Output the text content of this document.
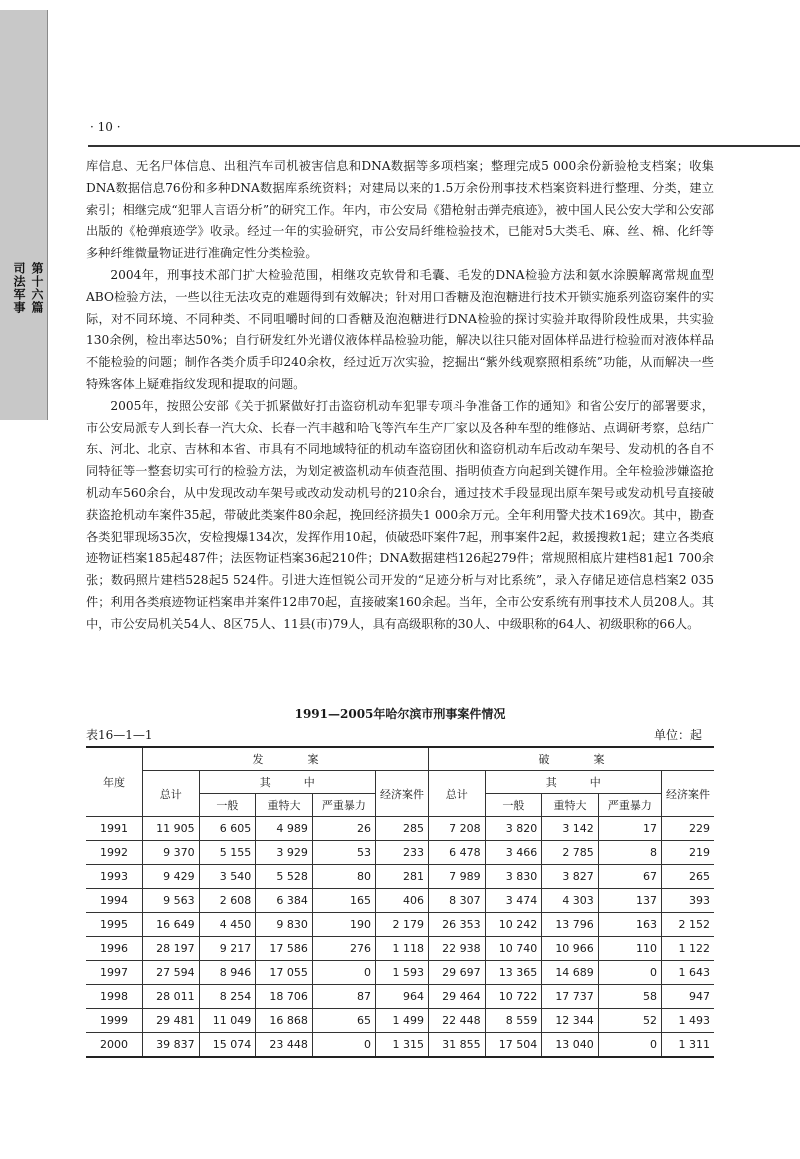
第十六篇
司法军事
· 10 ·

库信息、无名尸体信息、出租汽车司机被害信息和DNA数据等多项档案；整理完成5 000余份新验枪支档案；收集DNA数据信息76份和多种DNA数据库系统资料；对建局以来的1.5万余份刑事技术档案资料进行整理、分类，建立索引；相继完成“犯罪人言语分析”的研究工作。年内，市公安局《猎枪射击弹壳痕迹》，被中国人民公安大学和公安部出版的《枪弹痕迹学》收录。经过一年的实验研究，市公安局纤维检验技术，已能对5大类毛、麻、丝、棉、化纤等多种纤维微量物证进行准确定性分类检验。

2004年，刑事技术部门扩大检验范围，相继攻克软骨和毛囊、毛发的DNA检验方法和氨水涂膜解离常规血型ABO检验方法，一些以往无法攻克的难题得到有效解决；针对用口香糖及泡泡糖进行技术开锁实施系列盗窃案件的实际，对不同环境、不同种类、不同咀嚼时间的口香糖及泡泡糖进行DNA检验的探讨实验并取得阶段性成果，共实验130余例，检出率达50%；自行研发红外光谱仪液体样品检验功能，解决以往只能对固体样品进行检验而对液体样品不能检验的问题；制作各类介质手印240余枚，经过近万次实验，挖掘出“紫外线观察照相系统”功能，从而解决一些特殊客体上疑难指纹发现和提取的问题。

2005年，按照公安部《关于抓紧做好打击盗窃机动车犯罪专项斗争准备工作的通知》和省公安厅的部署要求，市公安局派专人到长春一汽大众、长春一汽丰越和哈飞等汽车生产厂家以及各种车型的维修站、点调研考察，总结广东、河北、北京、吉林和本省、市具有不同地域特征的机动车盗窃团伙和盗窃机动车后改动车架号、发动机的各自不同特征等一整套切实可行的检验方法，为划定被盗机动车侦查范围、指明侦查方向起到关键作用。全年检验涉嫌盗抢机动车560余台，从中发现改动车架号或改动发动机号的210余台，通过技术手段显现出原车架号或发动机号直接破获盗抢机动车案件35起，带破此类案件80余起，挽回经济损失1 000余万元。全年利用警犬技术169次。其中，勘查各类犯罪现场35次，安检搜爆134次，发挥作用10起，侦破恐吓案件7起，刑事案件2起，救援搜救1起；建立各类痕迹物证档案185起487件；法医物证档案36起210件；DNA数据建档126起279件；常规照相底片建档81起1 700余张；数码照片建档528起5 524件。引进大连恒锐公司开发的“足迹分析与对比系统”，录入存储足迹信息档案2 035件；利用各类痕迹物证档案串并案件12串70起，直接破案160余起。当年，全市公安系统有刑事技术人员208人。其中，市公安局机关54人、8区75人、11县(市)79人，具有高级职称的30人、中级职称的64人、初级职称的66人。

1991—2005年哈尔滨市刑事案件情况
表16—1—1	单位：起
年度	发　　　　案					破　　　　案				
	总计	其　　　中			经济案件	总计	其　　　中			经济案件
		一般	重特大	严重暴力			一般	重特大	严重暴力	
1991	11 905	6 605	4 989	26	285	7 208	3 820	3 142	17	229
1992	9 370	5 155	3 929	53	233	6 478	3 466	2 785	8	219
1993	9 429	3 540	5 528	80	281	7 989	3 830	3 827	67	265
1994	9 563	2 608	6 384	165	406	8 307	3 474	4 303	137	393
1995	16 649	4 450	9 830	190	2 179	26 353	10 242	13 796	163	2 152
1996	28 197	9 217	17 586	276	1 118	22 938	10 740	10 966	110	1 122
1997	27 594	8 946	17 055	0	1 593	29 697	13 365	14 689	0	1 643
1998	28 011	8 254	18 706	87	964	29 464	10 722	17 737	58	947
1999	29 481	11 049	16 868	65	1 499	22 448	8 559	12 344	52	1 493
2000	39 837	15 074	23 448	0	1 315	31 855	17 504	13 040	0	1 311
